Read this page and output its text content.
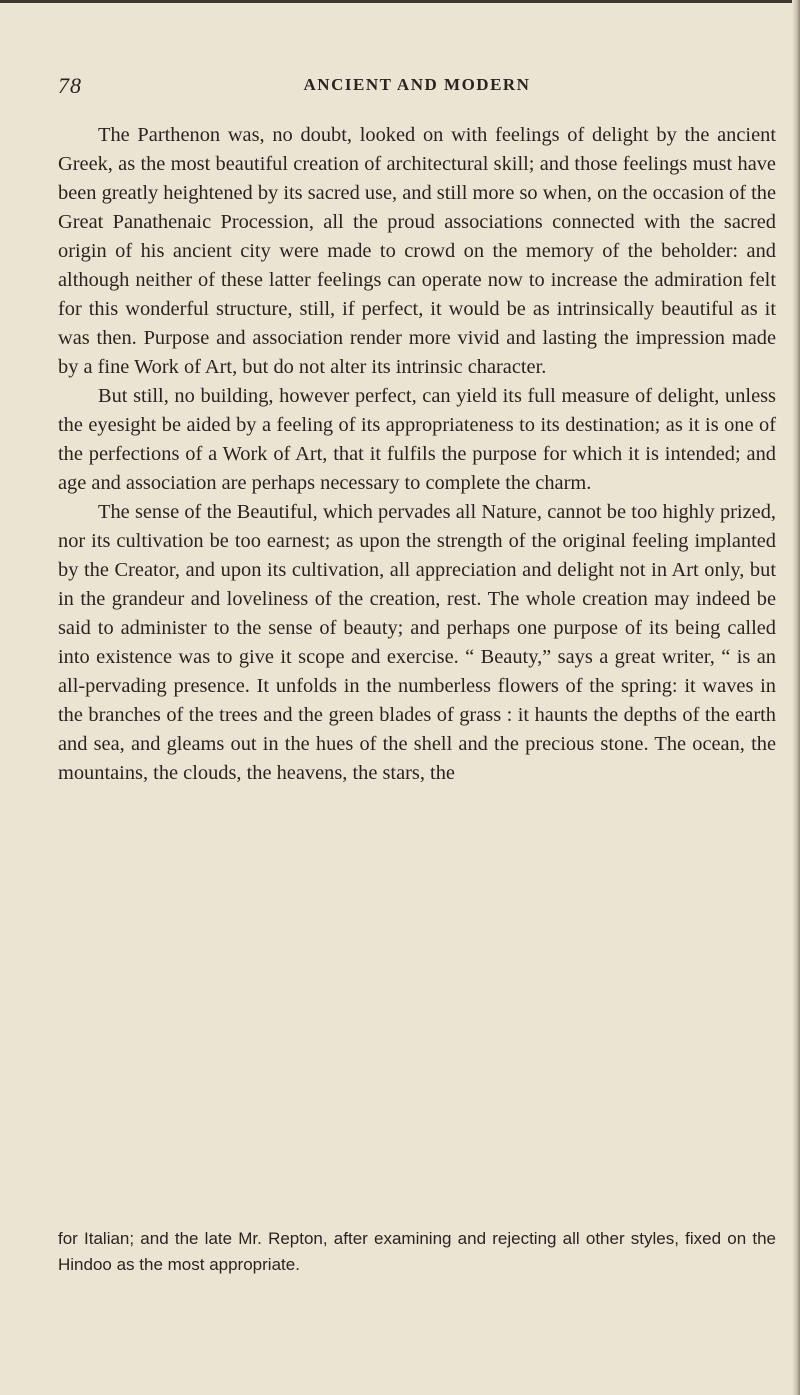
78	ANCIENT AND MODERN

The Parthenon was, no doubt, looked on with feelings of delight by the ancient Greek, as the most beautiful creation of architectural skill; and those feelings must have been greatly heightened by its sacred use, and still more so when, on the occasion of the Great Panathenaic Procession, all the proud associations connected with the sacred origin of his ancient city were made to crowd on the memory of the beholder: and although neither of these latter feelings can operate now to increase the admiration felt for this wonderful structure, still, if perfect, it would be as intrinsically beautiful as it was then. Purpose and association render more vivid and lasting the impression made by a fine Work of Art, but do not alter its intrinsic character.

But still, no building, however perfect, can yield its full measure of delight, unless the eyesight be aided by a feeling of its appropriateness to its destination; as it is one of the perfections of a Work of Art, that it fulfils the purpose for which it is intended; and age and association are perhaps necessary to complete the charm.

The sense of the Beautiful, which pervades all Nature, cannot be too highly prized, nor its cultivation be too earnest; as upon the strength of the original feeling implanted by the Creator, and upon its cultivation, all appreciation and delight not in Art only, but in the grandeur and loveliness of the creation, rest. The whole creation may indeed be said to administer to the sense of beauty; and perhaps one purpose of its being called into existence was to give it scope and exercise. “ Beauty,” says a great writer, “ is an all-pervading presence. It unfolds in the numberless flowers of the spring: it waves in the branches of the trees and the green blades of grass : it haunts the depths of the earth and sea, and gleams out in the hues of the shell and the precious stone. The ocean, the mountains, the clouds, the heavens, the stars, the

for Italian; and the late Mr. Repton, after examining and rejecting all other styles, fixed on the Hindoo as the most appropriate.
